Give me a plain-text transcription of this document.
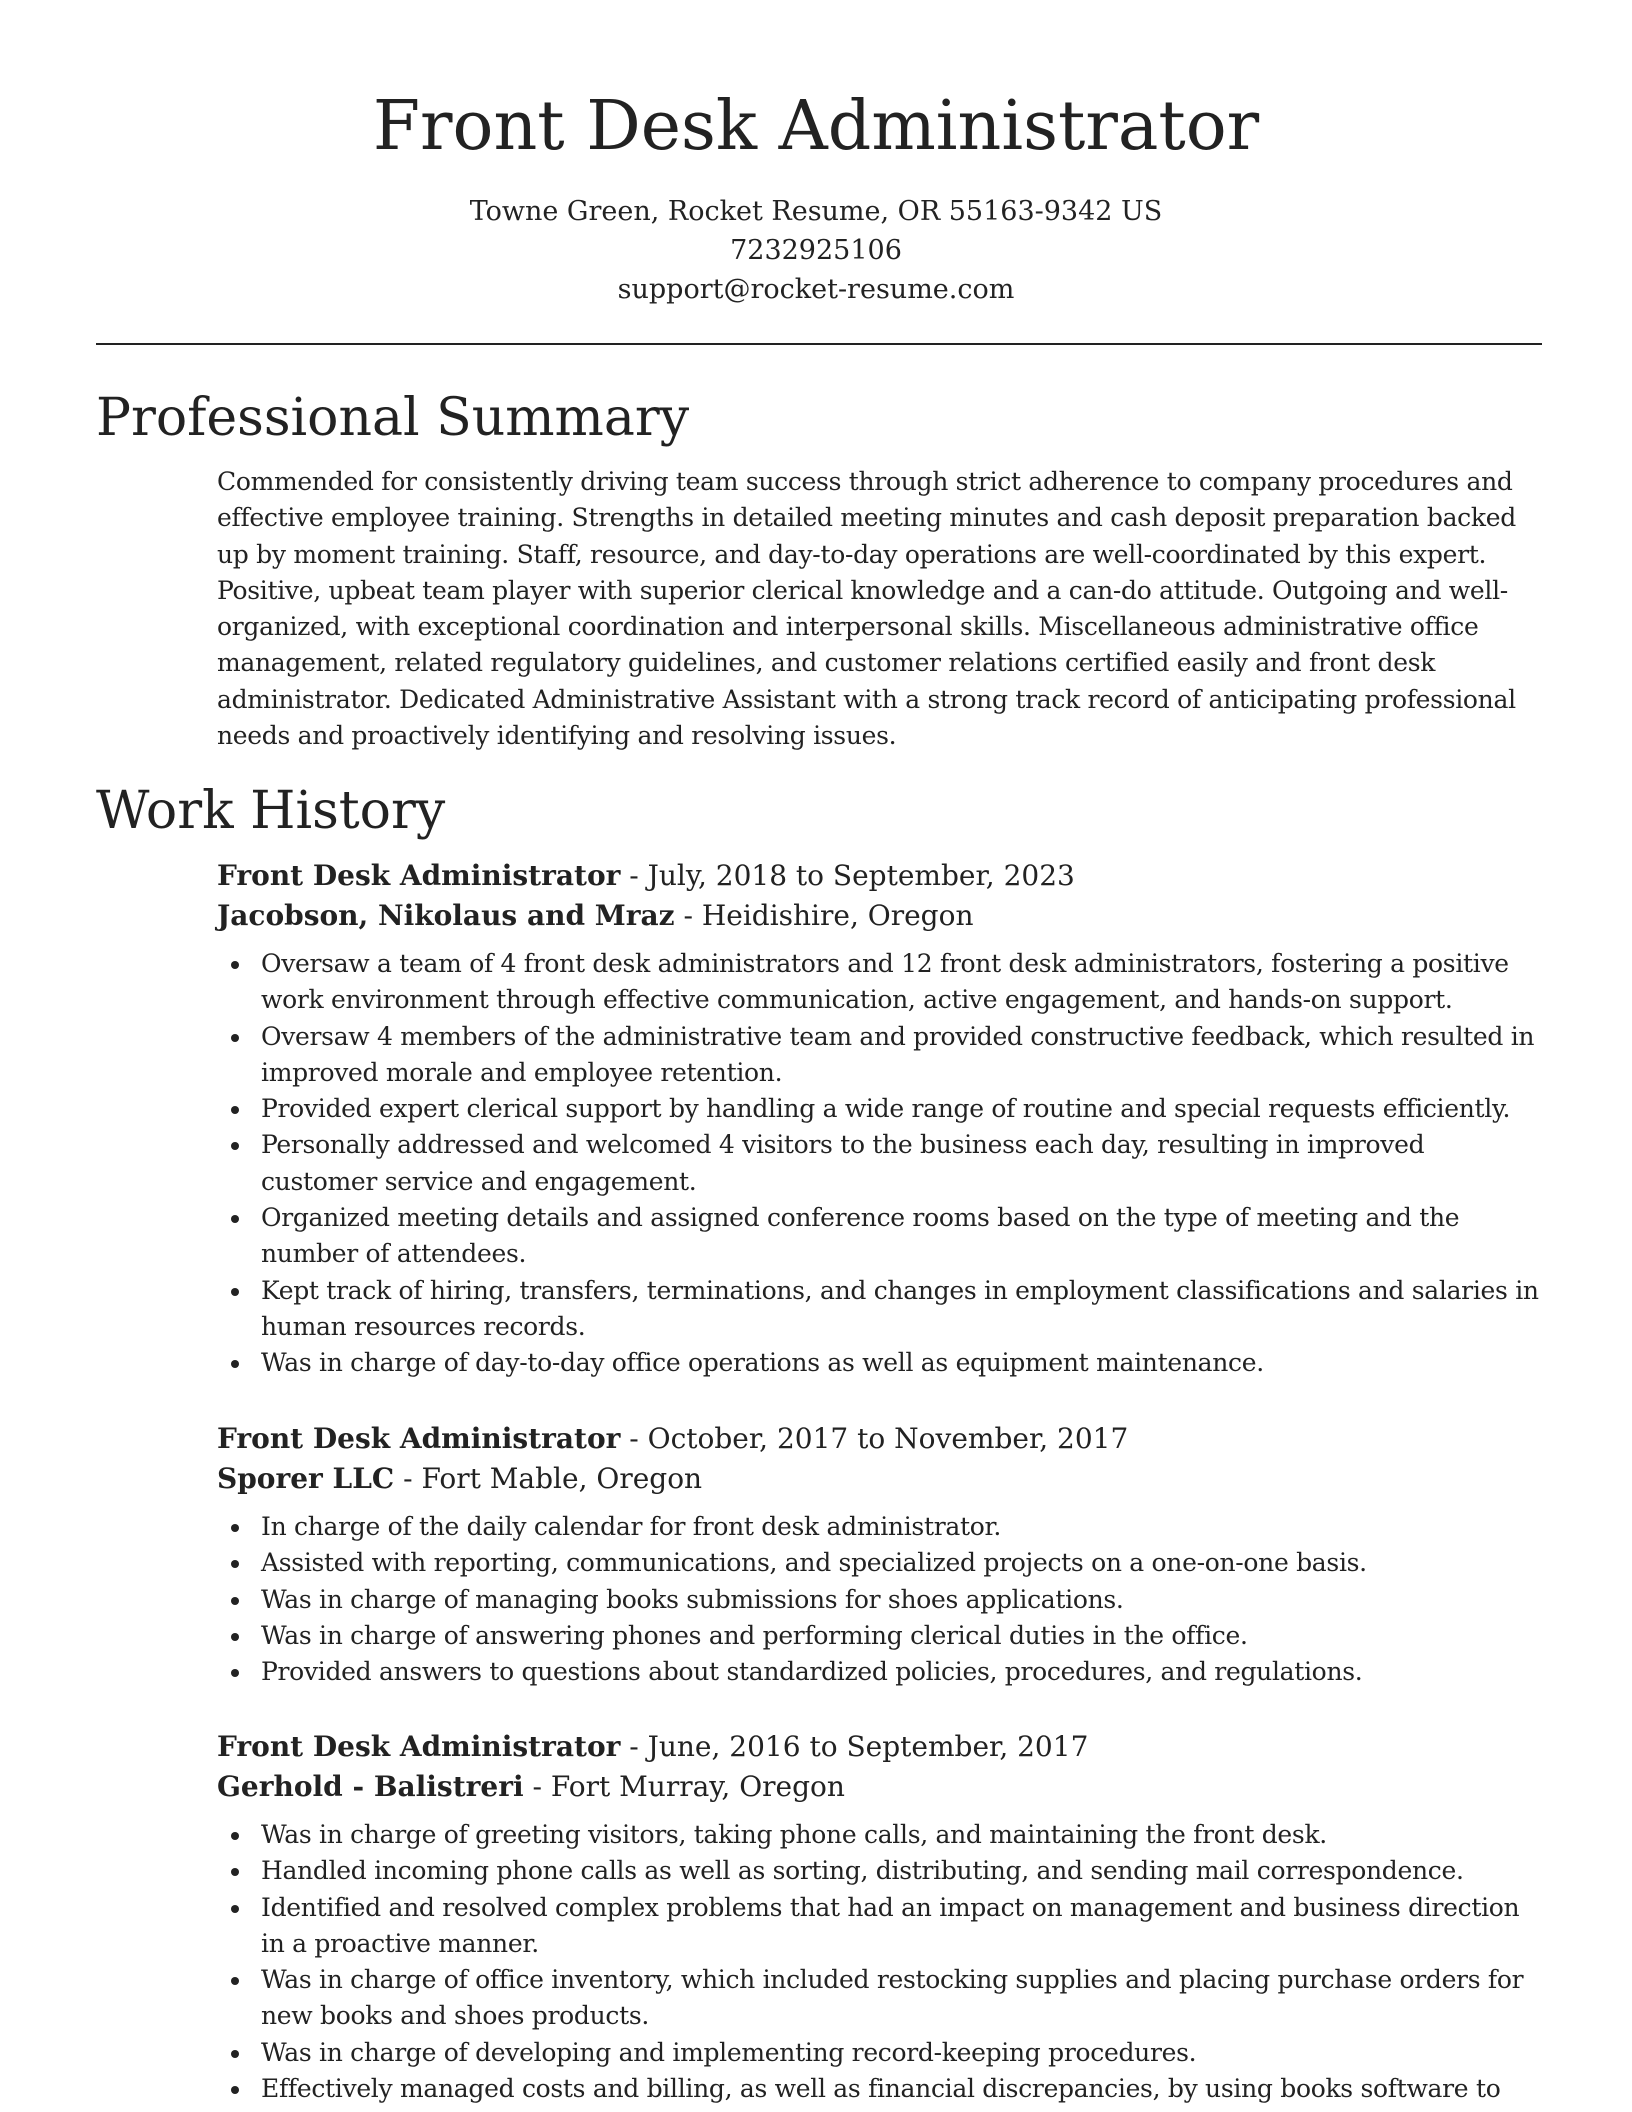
Front Desk Administrator
Towne Green, Rocket Resume, OR 55163-9342 US
7232925106
support@rocket-resume.com
Professional Summary

Commended for consistently driving team success through strict adherence to company procedures and effective employee training. Strengths in detailed meeting minutes and cash deposit preparation backed up by moment training. Staff, resource, and day-to-day operations are well-coordinated by this expert. Positive, upbeat team player with superior clerical knowledge and a can-do attitude. Outgoing and well-organized, with exceptional coordination and interpersonal skills. Miscellaneous administrative office management, related regulatory guidelines, and customer relations certified easily and front desk administrator. Dedicated Administrative Assistant with a strong track record of anticipating professional needs and proactively identifying and resolving issues.

Work History
Front Desk Administrator - July, 2018 to September, 2023
Jacobson, Nikolaus and Mraz - Heidishire, Oregon
Oversaw a team of 4 front desk administrators and 12 front desk administrators, fostering a positive work environment through effective communication, active engagement, and hands-on support.
Oversaw 4 members of the administrative team and provided constructive feedback, which resulted in improved morale and employee retention.
Provided expert clerical support by handling a wide range of routine and special requests efficiently.
Personally addressed and welcomed 4 visitors to the business each day, resulting in improved customer service and engagement.
Organized meeting details and assigned conference rooms based on the type of meeting and the number of attendees.
Kept track of hiring, transfers, terminations, and changes in employment classifications and salaries in human resources records.
Was in charge of day-to-day office operations as well as equipment maintenance.
Front Desk Administrator - October, 2017 to November, 2017
Sporer LLC - Fort Mable, Oregon
In charge of the daily calendar for front desk administrator.
Assisted with reporting, communications, and specialized projects on a one-on-one basis.
Was in charge of managing books submissions for shoes applications.
Was in charge of answering phones and performing clerical duties in the office.
Provided answers to questions about standardized policies, procedures, and regulations.
Front Desk Administrator - June, 2016 to September, 2017
Gerhold - Balistreri - Fort Murray, Oregon
Was in charge of greeting visitors, taking phone calls, and maintaining the front desk.
Handled incoming phone calls as well as sorting, distributing, and sending mail correspondence.
Identified and resolved complex problems that had an impact on management and business direction in a proactive manner.
Was in charge of office inventory, which included restocking supplies and placing purchase orders for new books and shoes products.
Was in charge of developing and implementing record-keeping procedures.
Effectively managed costs and billing, as well as financial discrepancies, by using books software to
